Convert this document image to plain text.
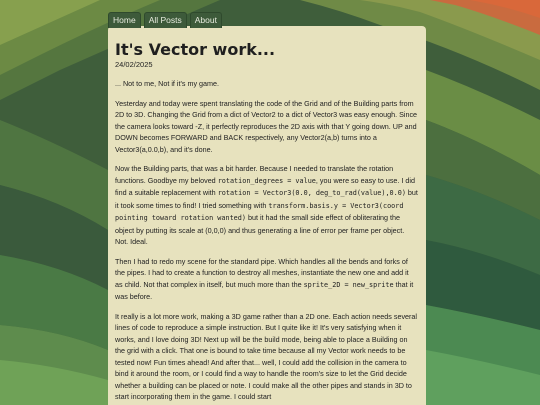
Home	All Posts	About
It's Vector work...
24/02/2025

... Not to me, Not if it's my game.

Yesterday and today were spent translating the code of the Grid and of the Building parts from 2D to 3D. Changing the Grid from a dict of Vector2 to a dict of Vector3 was easy enough. Since the camera looks toward -Z, it perfectly reproduces the 2D axis with that Y going down. UP and DOWN becomes FORWARD and BACK respectively, any Vector2(a,b) turns into a Vector3(a,0.0,b), and it's done.

Now the Building parts, that was a bit harder. Because I needed to translate the rotation functions. Goodbye my beloved rotation_degrees = value, you were so easy to use. I did find a suitable replacement with rotation = Vector3(0.0, deg_to_rad(value),0.0) but it took some times to find! I tried something with transform.basis.y = Vector3(coord pointing toward rotation wanted) but it had the small side effect of obliterating the object by putting its scale at (0,0,0) and thus generating a line of error per frame per object. Not. Ideal.

Then I had to redo my scene for the standard pipe. Which handles all the bends and forks of the pipes. I had to create a function to destroy all meshes, instantiate the new one and add it as child. Not that complex in itself, but much more than the sprite_2D = new_sprite that it was before.

It really is a lot more work, making a 3D game rather than a 2D one. Each action needs several lines of code to reproduce a simple instruction. But I quite like it! It's very satisfying when it works, and I love doing 3D! Next up will be the build mode, being able to place a Building on the grid with a click. That one is bound to take time because all my Vector work needs to be tested now! Fun times ahead! And after that... well, I could add the collision in the camera to bind it around the room, or I could find a way to handle the room's size to let the Grid decide whether a building can be placed or note. I could make all the other pipes and stands in 3D to start incorporating them in the game. I could start
